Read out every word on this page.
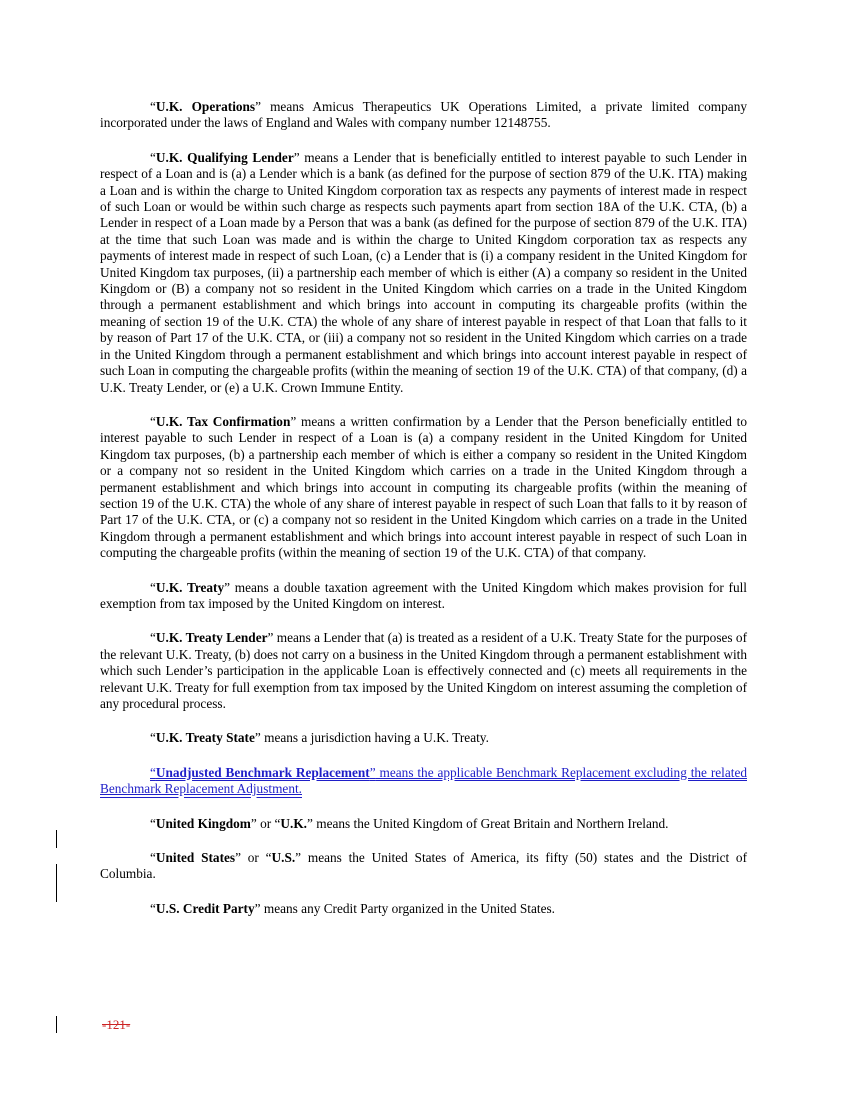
“U.K. Operations” means Amicus Therapeutics UK Operations Limited, a private limited company incorporated under the laws of England and Wales with company number 12148755.

“U.K. Qualifying Lender” means a Lender that is beneficially entitled to interest payable to such Lender in respect of a Loan and is (a) a Lender which is a bank (as defined for the purpose of section 879 of the U.K. ITA) making a Loan and is within the charge to United Kingdom corporation tax as respects any payments of interest made in respect of such Loan or would be within such charge as respects such payments apart from section 18A of the U.K. CTA, (b) a Lender in respect of a Loan made by a Person that was a bank (as defined for the purpose of section 879 of the U.K. ITA) at the time that such Loan was made and is within the charge to United Kingdom corporation tax as respects any payments of interest made in respect of such Loan, (c) a Lender that is (i) a company resident in the United Kingdom for United Kingdom tax purposes, (ii) a partnership each member of which is either (A) a company so resident in the United Kingdom or (B) a company not so resident in the United Kingdom which carries on a trade in the United Kingdom through a permanent establishment and which brings into account in computing its chargeable profits (within the meaning of section 19 of the U.K. CTA) the whole of any share of interest payable in respect of that Loan that falls to it by reason of Part 17 of the U.K. CTA, or (iii) a company not so resident in the United Kingdom which carries on a trade in the United Kingdom through a permanent establishment and which brings into account interest payable in respect of such Loan in computing the chargeable profits (within the meaning of section 19 of the U.K. CTA) of that company, (d) a U.K. Treaty Lender, or (e) a U.K. Crown Immune Entity.

“U.K. Tax Confirmation” means a written confirmation by a Lender that the Person beneficially entitled to interest payable to such Lender in respect of a Loan is (a) a company resident in the United Kingdom for United Kingdom tax purposes, (b) a partnership each member of which is either a company so resident in the United Kingdom or a company not so resident in the United Kingdom which carries on a trade in the United Kingdom through a permanent establishment and which brings into account in computing its chargeable profits (within the meaning of section 19 of the U.K. CTA) the whole of any share of interest payable in respect of such Loan that falls to it by reason of Part 17 of the U.K. CTA, or (c) a company not so resident in the United Kingdom which carries on a trade in the United Kingdom through a permanent establishment and which brings into account interest payable in respect of such Loan in computing the chargeable profits (within the meaning of section 19 of the U.K. CTA) of that company.

“U.K. Treaty” means a double taxation agreement with the United Kingdom which makes provision for full exemption from tax imposed by the United Kingdom on interest.

“U.K. Treaty Lender” means a Lender that (a) is treated as a resident of a U.K. Treaty State for the purposes of the relevant U.K. Treaty, (b) does not carry on a business in the United Kingdom through a permanent establishment with which such Lender’s participation in the applicable Loan is effectively connected and (c) meets all requirements in the relevant U.K. Treaty for full exemption from tax imposed by the United Kingdom on interest assuming the completion of any procedural process.

“U.K. Treaty State” means a jurisdiction having a U.K. Treaty.

“Unadjusted Benchmark Replacement” means the applicable Benchmark Replacement excluding the related Benchmark Replacement Adjustment.

“United Kingdom” or “U.K.” means the United Kingdom of Great Britain and Northern Ireland.

“United States” or “U.S.” means the United States of America, its fifty (50) states and the District of Columbia.

“U.S. Credit Party” means any Credit Party organized in the United States.

-121-
